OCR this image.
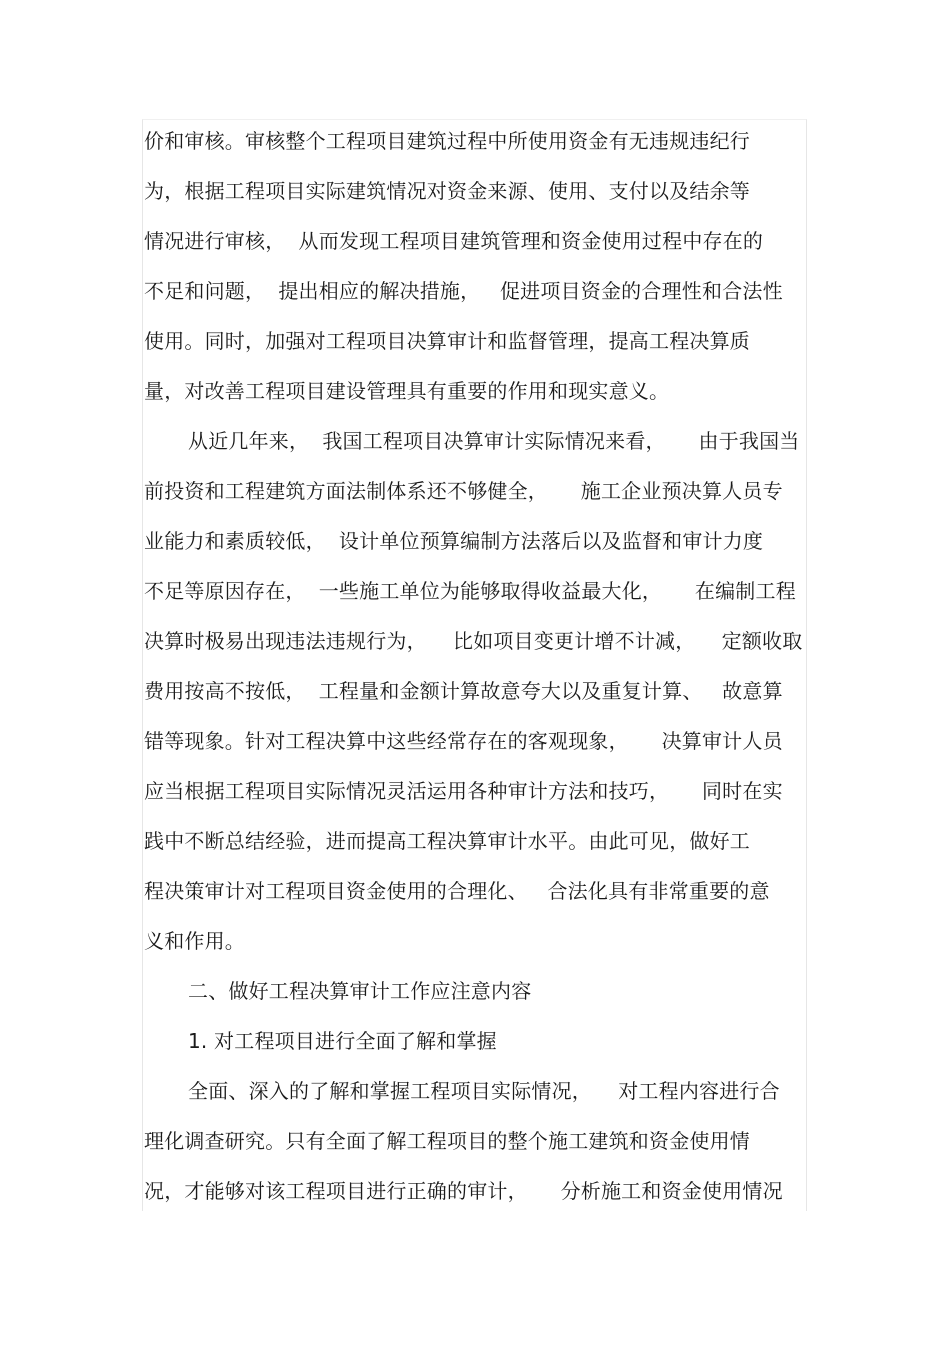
价和审核。审核整个工程项目建筑过程中所使用资金有无违规违纪行
为，根据工程项目实际建筑情况对资金来源、使用、支付以及结余等
情况进行审核，  从而发现工程项目建筑管理和资金使用过程中存在的
不足和问题，  提出相应的解决措施，   促进项目资金的合理性和合法性
使用。同时，加强对工程项目决算审计和监督管理，提高工程决算质
量，对改善工程项目建设管理具有重要的作用和现实意义。
从近几年来，  我国工程项目决算审计实际情况来看，     由于我国当
前投资和工程建筑方面法制体系还不够健全，     施工企业预决算人员专
业能力和素质较低，  设计单位预算编制方法落后以及监督和审计力度
不足等原因存在，  一些施工单位为能够取得收益最大化，     在编制工程
决算时极易出现违法违规行为，    比如项目变更计增不计减，    定额收取
费用按高不按低，  工程量和金额计算故意夸大以及重复计算、   故意算
错等现象。针对工程决算中这些经常存在的客观现象，     决算审计人员
应当根据工程项目实际情况灵活运用各种审计方法和技巧，     同时在实
践中不断总结经验，进而提高工程决算审计水平。由此可见，做好工
程决策审计对工程项目资金使用的合理化、   合法化具有非常重要的意
义和作用。
二、做好工程决算审计工作应注意内容
1. 对工程项目进行全面了解和掌握
全面、深入的了解和掌握工程项目实际情况，    对工程内容进行合
理化调查研究。只有全面了解工程项目的整个施工建筑和资金使用情
况，才能够对该工程项目进行正确的审计，     分析施工和资金使用情况
